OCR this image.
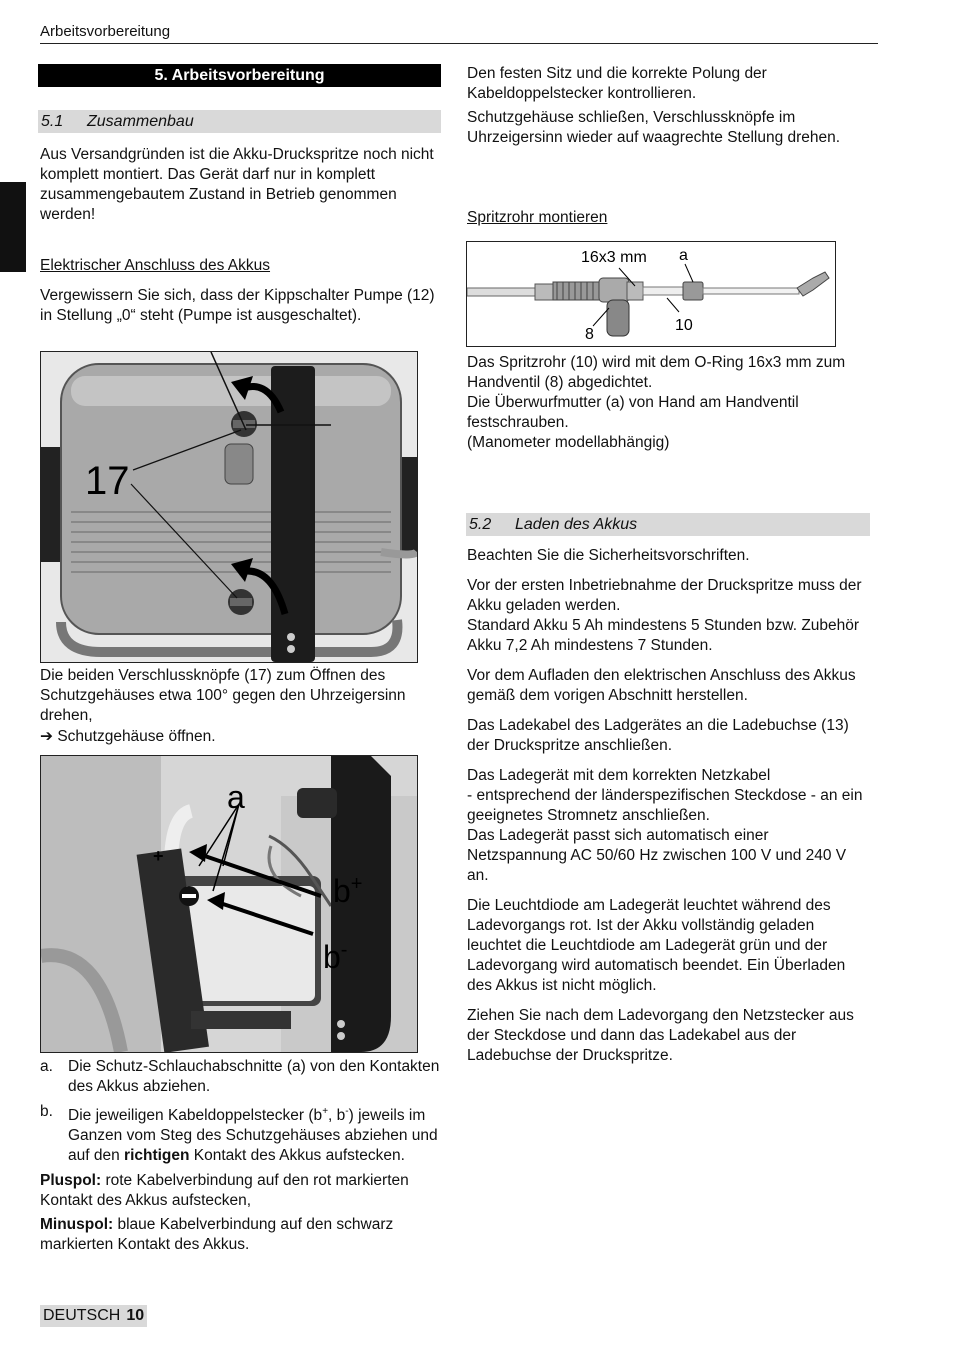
Arbeitsvorbereitung
5. Arbeitsvorbereitung
5.1 Zusammenbau

Aus Versandgründen ist die Akku-Druckspritze noch nicht komplett montiert. Das Gerät darf nur in komplett zusammengebautem Zustand in Betrieb genommen werden!

Elektrischer Anschluss des Akkus

Vergewissern Sie sich, dass der Kippschalter Pumpe (12) in Stellung „0“ steht (Pumpe ist ausgeschaltet).

17

Die beiden Verschlussknöpfe (17) zum Öffnen des Schutzgehäuses etwa 100° gegen den Uhrzeigersinn drehen,

➔ Schutzgehäuse öffnen.

a
+
b+
b-
a. Die Schutz-Schlauchabschnitte (a) von den Kontakten des Akkus abziehen.
b. Die jeweiligen Kabeldoppelstecker (b+, b-) jeweils im Ganzen vom Steg des Schutzgehäuses abziehen und auf den richtigen Kontakt des Akkus aufstecken.

Pluspol: rote Kabelverbindung auf den rot markierten Kontakt des Akkus aufstecken,

Minuspol: blaue Kabelverbindung auf den schwarz markierten Kontakt des Akkus.

Den festen Sitz und die korrekte Polung der Kabeldoppelstecker kontrollieren.

Schutzgehäuse schließen, Verschlussknöpfe im Uhrzeigersinn wieder auf waagrechte Stellung drehen.

Spritzrohr montieren

16x3 mm a
8
10

Das Spritzrohr (10) wird mit dem O-Ring 16x3 mm zum Handventil (8) abgedichtet.

Die Überwurfmutter (a) von Hand am Handventil festschrauben.

(Manometer modellabhängig)

5.2 Laden des Akkus

Beachten Sie die Sicherheitsvorschriften.

Vor der ersten Inbetriebnahme der Druckspritze muss der Akku geladen werden.

Standard Akku 5 Ah mindestens 5 Stunden bzw. Zubehör Akku 7,2 Ah mindestens 7 Stunden.

Vor dem Aufladen den elektrischen Anschluss des Akkus gemäß dem vorigen Abschnitt herstellen.

Das Ladekabel des Ladgerätes an die Ladebuchse (13) der Druckspritze anschließen.

Das Ladegerät mit dem korrekten Netzkabel

- entsprechend der länderspezifischen Steckdose - an ein geeignetes Stromnetz anschließen.

Das Ladegerät passt sich automatisch einer Netzspannung AC 50/60 Hz zwischen 100 V und 240 V an.

Die Leuchtdiode am Ladegerät leuchtet während des Ladevorgangs rot. Ist der Akku vollständig geladen leuchtet die Leuchtdiode am Ladegerät grün und der Ladevorgang wird automatisch beendet. Ein Überladen des Akkus ist nicht möglich.

Ziehen Sie nach dem Ladevorgang den Netzstecker aus der Steckdose und dann das Ladekabel aus der Ladebuchse der Druckspritze.

DEUTSCH 10
